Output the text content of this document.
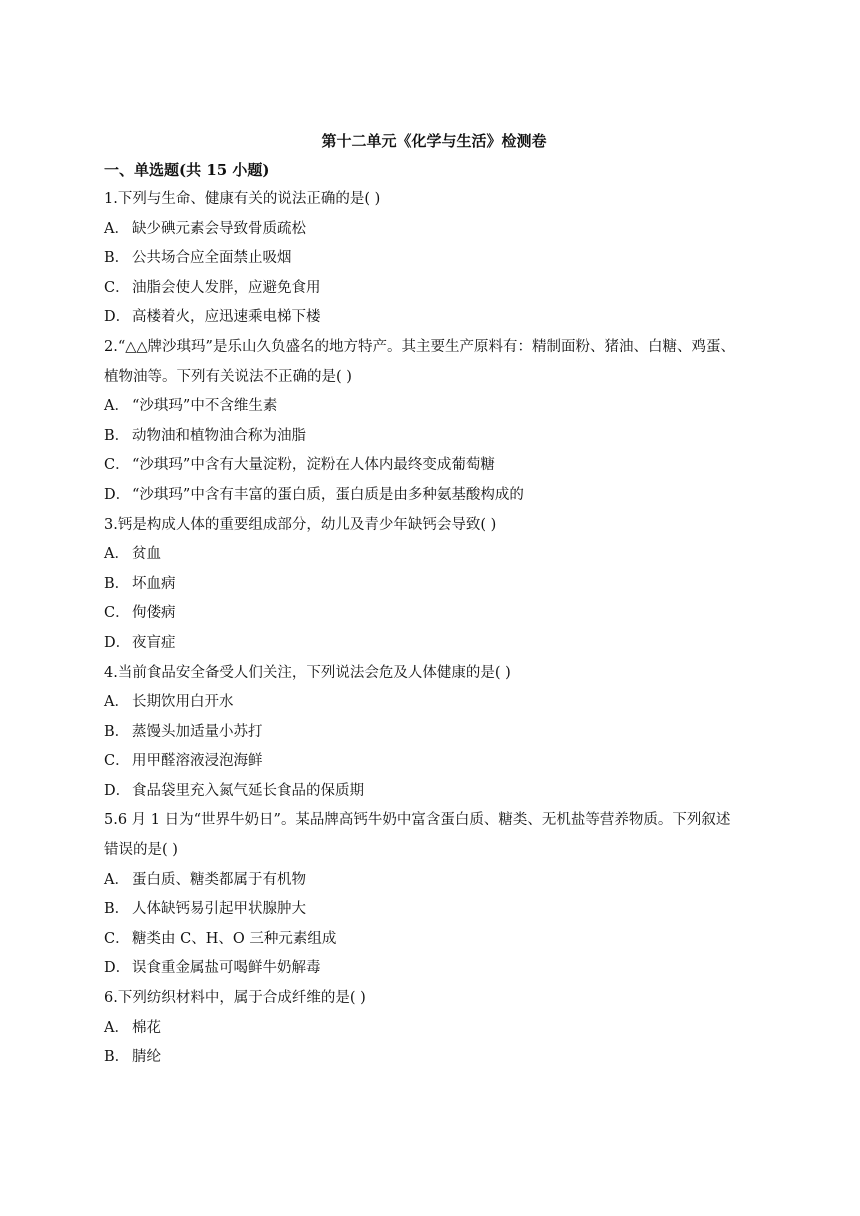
第十二单元《化学与生活》检测卷
一、单选题(共 15 小题)
1.下列与生命、健康有关的说法正确的是( )
A． 缺少碘元素会导致骨质疏松
B． 公共场合应全面禁止吸烟
C． 油脂会使人发胖，应避免食用
D． 高楼着火，应迅速乘电梯下楼
2.“△△牌沙琪玛”是乐山久负盛名的地方特产。其主要生产原料有：精制面粉、猪油、白糖、鸡蛋、
植物油等。下列有关说法不正确的是( )
A． “沙琪玛”中不含维生素
B． 动物油和植物油合称为油脂
C． “沙琪玛”中含有大量淀粉，淀粉在人体内最终变成葡萄糖
D． “沙琪玛”中含有丰富的蛋白质，蛋白质是由多种氨基酸构成的
3.钙是构成人体的重要组成部分，幼儿及青少年缺钙会导致( )
A． 贫血
B． 坏血病
C． 佝偻病
D． 夜盲症
4.当前食品安全备受人们关注，下列说法会危及人体健康的是( )
A． 长期饮用白开水
B． 蒸馒头加适量小苏打
C． 用甲醛溶液浸泡海鲜
D． 食品袋里充入氮气延长食品的保质期
5.6 月 1 日为“世界牛奶日”。某品牌高钙牛奶中富含蛋白质、糖类、无机盐等营养物质。下列叙述
错误的是( )
A． 蛋白质、糖类都属于有机物
B． 人体缺钙易引起甲状腺肿大
C． 糖类由 C、H、O 三种元素组成
D． 误食重金属盐可喝鲜牛奶解毒
6.下列纺织材料中，属于合成纤维的是( )
A． 棉花
B． 腈纶
